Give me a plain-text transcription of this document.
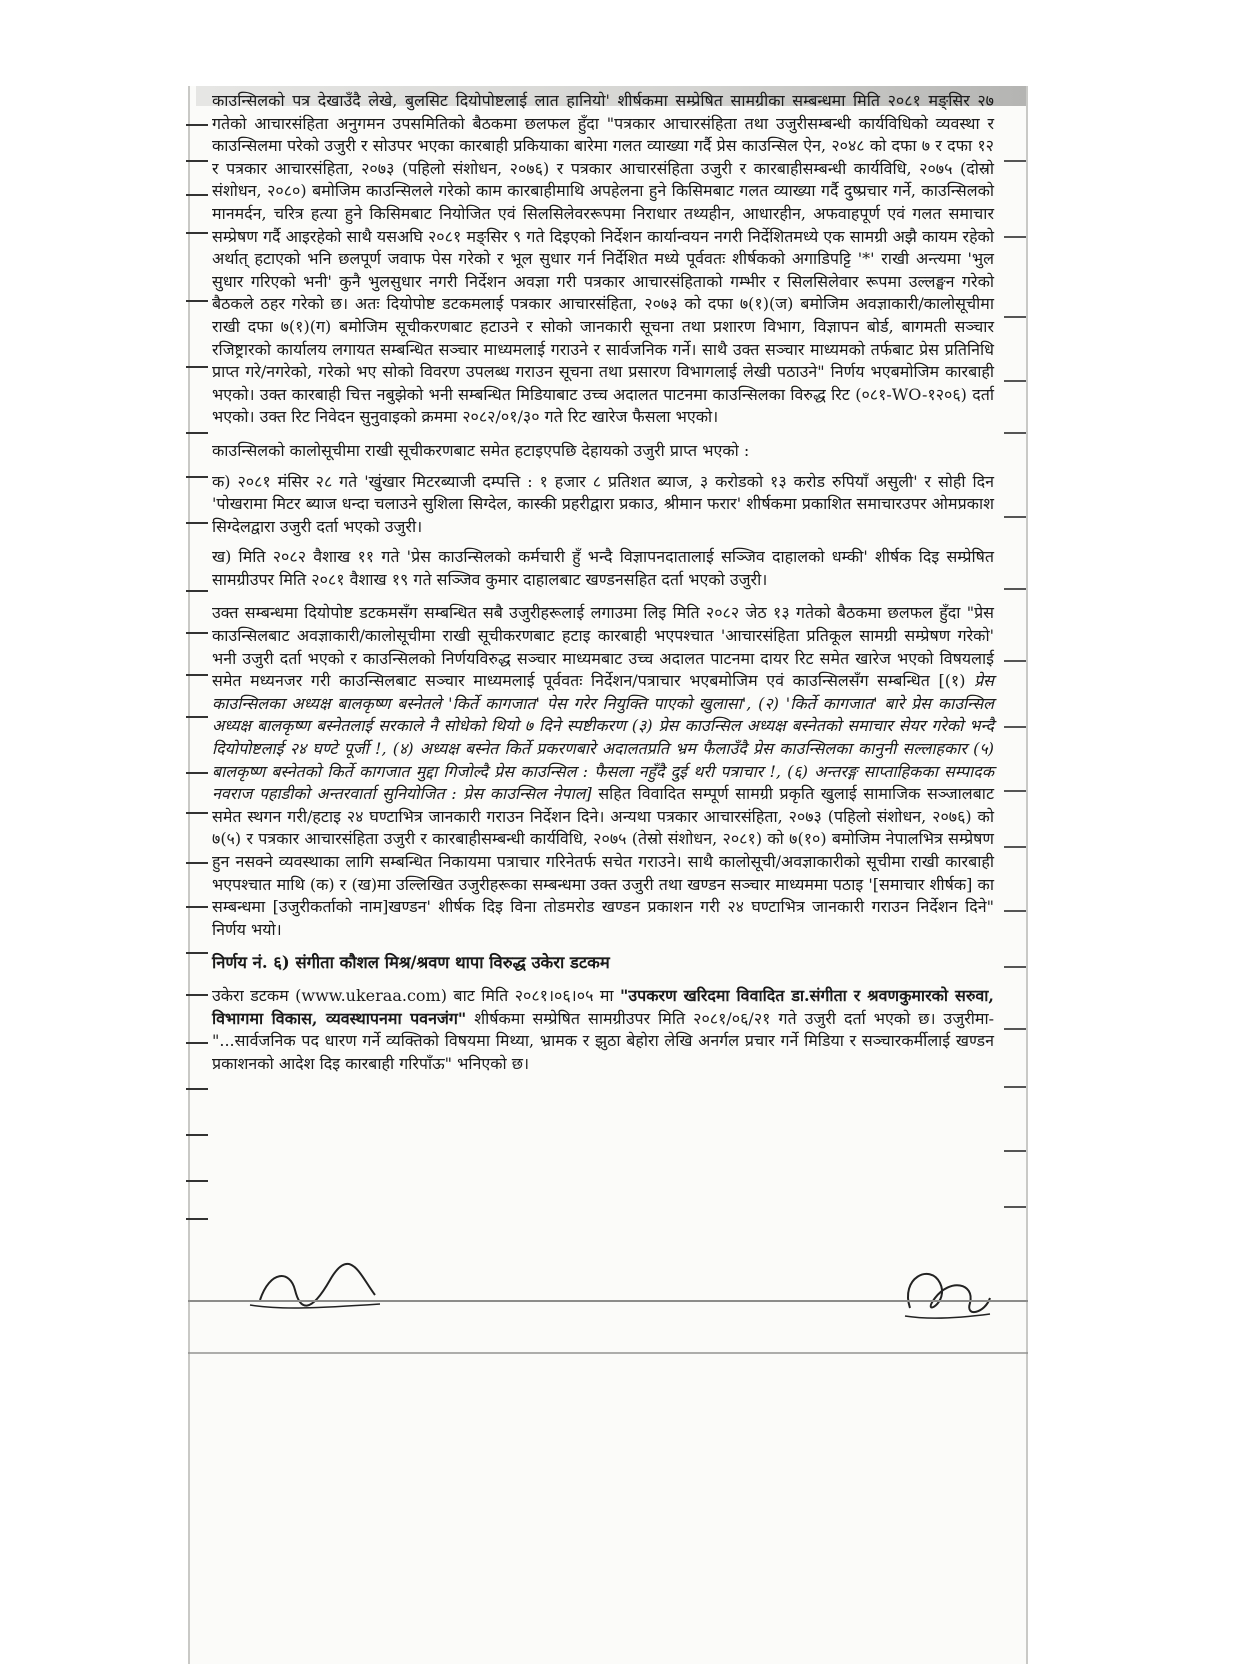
काउन्सिलको पत्र देखाउँदै लेखे, बुलसिट दियोपोष्टलाई लात हानियो' शीर्षकमा सम्प्रेषित सामग्रीका सम्बन्धमा मिति २०८१ मङ्सिर २७ गतेको आचारसंहिता अनुगमन उपसमितिको बैठकमा छलफल हुँदा "पत्रकार आचारसंहिता तथा उजुरीसम्बन्धी कार्यविधिको व्यवस्था र काउन्सिलमा परेको उजुरी र सोउपर भएका कारबाही प्रकियाका बारेमा गलत व्याख्या गर्दै प्रेस काउन्सिल ऐन, २०४८ को दफा ७ र दफा १२ र पत्रकार आचारसंहिता, २०७३ (पहिलो संशोधन, २०७६) र पत्रकार आचारसंहिता उजुरी र कारबाहीसम्बन्धी कार्यविधि, २०७५ (दोस्रो संशोधन, २०८०) बमोजिम काउन्सिलले गरेको काम कारबाहीमाथि अपहेलना हुने किसिमबाट गलत व्याख्या गर्दै दुष्प्रचार गर्ने, काउन्सिलको मानमर्दन, चरित्र हत्या हुने किसिमबाट नियोजित एवं सिलसिलेवररूपमा निराधार तथ्यहीन, आधारहीन, अफवाहपूर्ण एवं गलत समाचार सम्प्रेषण गर्दै आइरहेको साथै यसअघि २०८१ मङ्सिर ९ गते दिइएको निर्देशन कार्यान्वयन नगरी निर्देशितमध्ये एक सामग्री अझै कायम रहेको अर्थात् हटाएको भनि छलपूर्ण जवाफ पेस गरेको र भूल सुधार गर्न निर्देशित मध्ये पूर्ववतः शीर्षकको अगाडिपट्टि '*' राखी अन्त्यमा 'भुल सुधार गरिएको भनी' कुनै भुलसुधार नगरी निर्देशन अवज्ञा गरी पत्रकार आचारसंहिताको गम्भीर र सिलसिलेवार रूपमा उल्लङ्घन गरेको बैठकले ठहर गरेको छ। अतः दियोपोष्ट डटकमलाई पत्रकार आचारसंहिता, २०७३ को दफा ७(१)(ज) बमोजिम अवज्ञाकारी/कालोसूचीमा राखी दफा ७(१)(ग) बमोजिम सूचीकरणबाट हटाउने र सोको जानकारी सूचना तथा प्रशारण विभाग, विज्ञापन बोर्ड, बागमती सञ्चार रजिष्ट्रारको कार्यालय लगायत सम्बन्धित सञ्चार माध्यमलाई गराउने र सार्वजनिक गर्ने। साथै उक्त सञ्चार माध्यमको तर्फबाट प्रेस प्रतिनिधि प्राप्त गरे/नगरेको, गरेको भए सोको विवरण उपलब्ध गराउन सूचना तथा प्रसारण विभागलाई लेखी पठाउने" निर्णय भएबमोजिम कारबाही भएको। उक्त कारबाही चित्त नबुझेको भनी सम्बन्धित मिडियाबाट उच्च अदालत पाटनमा काउन्सिलका विरुद्ध रिट (०८१-WO-१२०६) दर्ता भएको। उक्त रिट निवेदन सुनुवाइको क्रममा २०८२/०१/३० गते रिट खारेज फैसला भएको।

काउन्सिलको कालोसूचीमा राखी सूचीकरणबाट समेत हटाइएपछि देहायको उजुरी प्राप्त भएको :

क) २०८१ मंसिर २८ गते 'खुंखार मिटरब्याजी दम्पत्ति : १ हजार ८ प्रतिशत ब्याज, ३ करोडको १३ करोड रुपियाँ असुली' र सोही दिन 'पोखरामा मिटर ब्याज धन्दा चलाउने सुशिला सिग्देल, कास्की प्रहरीद्वारा प्रकाउ, श्रीमान फरार' शीर्षकमा प्रकाशित समाचारउपर ओमप्रकाश सिग्देलद्वारा उजुरी दर्ता भएको उजुरी।

ख) मिति २०८२ वैशाख ११ गते 'प्रेस काउन्सिलको कर्मचारी हुँ भन्दै विज्ञापनदातालाई सञ्जिव दाहालको धम्की' शीर्षक दिइ सम्प्रेषित सामग्रीउपर मिति २०८१ वैशाख १९ गते सञ्जिव कुमार दाहालबाट खण्डनसहित दर्ता भएको उजुरी।

उक्त सम्बन्धमा दियोपोष्ट डटकमसँग सम्बन्धित सबै उजुरीहरूलाई लगाउमा लिइ मिति २०८२ जेठ १३ गतेको बैठकमा छलफल हुँदा "प्रेस काउन्सिलबाट अवज्ञाकारी/कालोसूचीमा राखी सूचीकरणबाट हटाइ कारबाही भएपश्चात 'आचारसंहिता प्रतिकूल सामग्री सम्प्रेषण गरेको' भनी उजुरी दर्ता भएको र काउन्सिलको निर्णयविरुद्ध सञ्चार माध्यमबाट उच्च अदालत पाटनमा दायर रिट समेत खारेज भएको विषयलाई समेत मध्यनजर गरी काउन्सिलबाट सञ्चार माध्यमलाई पूर्ववतः निर्देशन/पत्राचार भएबमोजिम एवं काउन्सिलसँग सम्बन्धित [(१) प्रेस काउन्सिलका अध्यक्ष बालकृष्ण बस्नेतले 'किर्ते कागजात' पेस गरेर नियुक्ति पाएको खुलासा', (२) 'किर्ते कागजात' बारे प्रेस काउन्सिल अध्यक्ष बालकृष्ण बस्नेतलाई सरकाले नै सोधेको थियो ७ दिने स्पष्टीकरण (३) प्रेस काउन्सिल अध्यक्ष बस्नेतको समाचार सेयर गरेको भन्दै दियोपोष्टलाई २४ घण्टे पूर्जी !, (४) अध्यक्ष बस्नेत किर्ते प्रकरणबारे अदालतप्रति भ्रम फैलाउँदै प्रेस काउन्सिलका कानुनी सल्लाहकार (५) बालकृष्ण बस्नेतको किर्ते कागजात मुद्दा गिजोल्दै प्रेस काउन्सिल : फैसला नहुँदै दुई थरी पत्राचार !, (६) अन्तरङ्ग साप्ताहिकका सम्पादक नवराज पहाडीको अन्तरवार्ता सुनियोजित : प्रेस काउन्सिल नेपाल] सहित विवादित सम्पूर्ण सामग्री प्रकृति खुलाई सामाजिक सञ्जालबाट समेत स्थगन गरी/हटाइ २४ घण्टाभित्र जानकारी गराउन निर्देशन दिने। अन्यथा पत्रकार आचारसंहिता, २०७३ (पहिलो संशोधन, २०७६) को ७(५) र पत्रकार आचारसंहिता उजुरी र कारबाहीसम्बन्धी कार्यविधि, २०७५ (तेस्रो संशोधन, २०८१) को ७(१०) बमोजिम नेपालभित्र सम्प्रेषण हुन नसक्ने व्यवस्थाका लागि सम्बन्धित निकायमा पत्राचार गरिनेतर्फ सचेत गराउने। साथै कालोसूची/अवज्ञाकारीको सूचीमा राखी कारबाही भएपश्चात माथि (क) र (ख)मा उल्लिखित उजुरीहरूका सम्बन्धमा उक्त उजुरी तथा खण्डन सञ्चार माध्यममा पठाइ '[समाचार शीर्षक] का सम्बन्धमा [उजुरीकर्ताको नाम]खण्डन' शीर्षक दिइ विना तोडमरोड खण्डन प्रकाशन गरी २४ घण्टाभित्र जानकारी गराउन निर्देशन दिने" निर्णय भयो।

निर्णय नं. ६) संगीता कौशल मिश्र/श्रवण थापा विरुद्ध उकेरा डटकम

उकेरा डटकम (www.ukeraa.com) बाट मिति २०८१।०६।०५ मा "उपकरण खरिदमा विवादित डा.संगीता र श्रवणकुमारको सरुवा, विभागमा विकास, व्यवस्थापनमा पवनजंग" शीर्षकमा सम्प्रेषित सामग्रीउपर मिति २०८१/०६/२१ गते उजुरी दर्ता भएको छ। उजुरीमा-"...सार्वजनिक पद धारण गर्ने व्यक्तिको विषयमा मिथ्या, भ्रामक र झुठा बेहोरा लेखि अनर्गल प्रचार गर्ने मिडिया र सञ्चारकर्मीलाई खण्डन प्रकाशनको आदेश दिइ कारबाही गरिपाँऊ" भनिएको छ।
